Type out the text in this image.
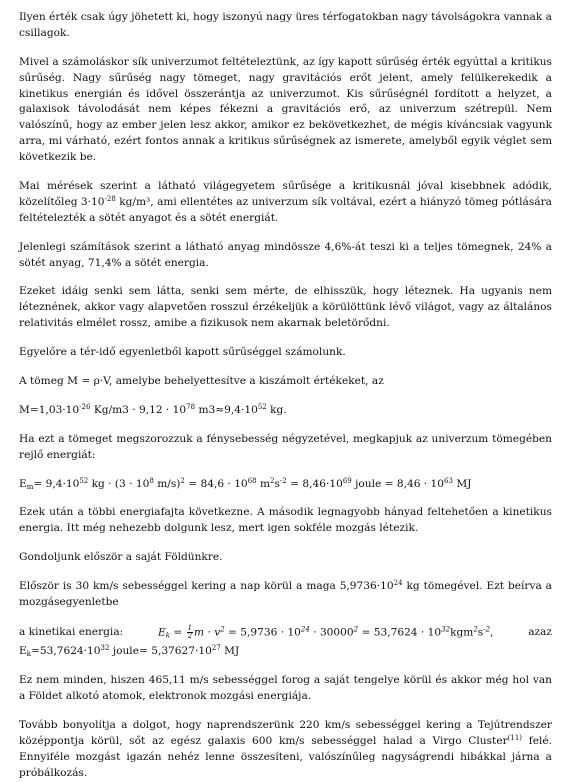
Ilyen érték csak úgy jöhetett ki, hogy iszonyú nagy üres térfogatokban nagy távolságokra vannak a csillagok.

Mivel a számoláskor sík univerzumot feltételeztünk, az így kapott sűrűség érték egyúttal a kritikus sűrűség. Nagy sűrűség nagy tömeget, nagy gravitációs erőt jelent, amely felülkerekedik a kinetikus energián és idővel összerántja az univerzumot. Kis sűrűségnél fordított a helyzet, a galaxisok távolodását nem képes fékezni a gravitációs erő, az univerzum szétrepül. Nem valószínű, hogy az ember jelen lesz akkor, amikor ez bekövetkezhet, de mégis kíváncsiak vagyunk arra, mi várható, ezért fontos annak a kritikus sűrűségnek az ismerete, amelyből egyik véglet sem következik be.

Mai mérések szerint a látható világegyetem sűrűsége a kritikusnál jóval kisebbnek adódik, közelítőleg $3\cdot 10^{-28}$ kg/m³, ami ellentétes az univerzum sík voltával, ezért a hiányzó tömeg pótlására feltételezték a sötét anyagot és a sötét energiát.

Jelenlegi számítások szerint a látható anyag mindössze 4,6%-át teszi ki a teljes tömegnek, 24% a sötét anyag, 71,4% a sötét energia.

Ezeket idáig senki sem látta, senki sem mérte, de elhisszük, hogy léteznek. Ha ugyanis nem léteznének, akkor vagy alapvetően rosszul érzékeljük a körülöttünk lévő világot, vagy az általános relativitás elmélet rossz, amibe a fizikusok nem akarnak beletörődni.

Egyelőre a tér-idő egyenletből kapott sűrűséggel számolunk.

A tömeg M = ρ·V, amelybe behelyettesítve a kiszámolt értékeket, az

$M=1,03\cdot 10^{-26}$ $Kg/m3 \cdot 9,12 \cdot 10^{78}$ $m3\approx 9,4\cdot 10^{52}$ kg.

Ha ezt a tömeget megszorozzuk a fénysebesség négyzetével, megkapjuk az univerzum tömegében rejlő energiát:

$E_m= 9,4\cdot 10^{52}$ kg · ($3 \cdot 10^8$ $m/s)^2 = 84,6 \cdot 10^{68}$ $m^2s^{-2} = 8,46\cdot 10^{69}$ joule = $8,46 \cdot 10^{63}$ MJ

Ezek után a többi energiafajta következne. A második legnagyobb hányad feltehetően a kinetikus energia. Itt még nehezebb dolgunk lesz, mert igen sokféle mozgás létezik.

Gondoljunk először a saját Földünkre.

Először is 30 km/s sebességgel kering a nap körül a maga $5,9736\cdot 10^{24}$ kg tömegével. Ezt beírva a mozgásegyenletbe

a kinetikai energia:	$E_k = \frac{1}{2}$ $m \cdot v^2 = 5,9736 \cdot 10^{24} \cdot 30000^2 = 53,7624 \cdot 10^{32}kgm^2s^{-2}$,	azaz

$E_k=53,7624\cdot 10^{32}$ joule= $5,37627\cdot 10^{27}$ MJ

Ez nem minden, hiszen 465,11 m/s sebességgel forog a saját tengelye körül és akkor még hol van a Földet alkotó atomok, elektronok mozgási energiája.

Tovább bonyolítja a dolgot, hogy naprendszerünk 220 km/s sebességgel kering a Tejútrendszer középpontja körül, sőt az egész galaxis 600 km/s sebességgel halad a Virgo Cluster$^{(11)}$ felé. Ennyiféle mozgást igazán nehéz lenne összesíteni, valószínűleg nagyságrendi hibákkal járna a próbálkozás.
